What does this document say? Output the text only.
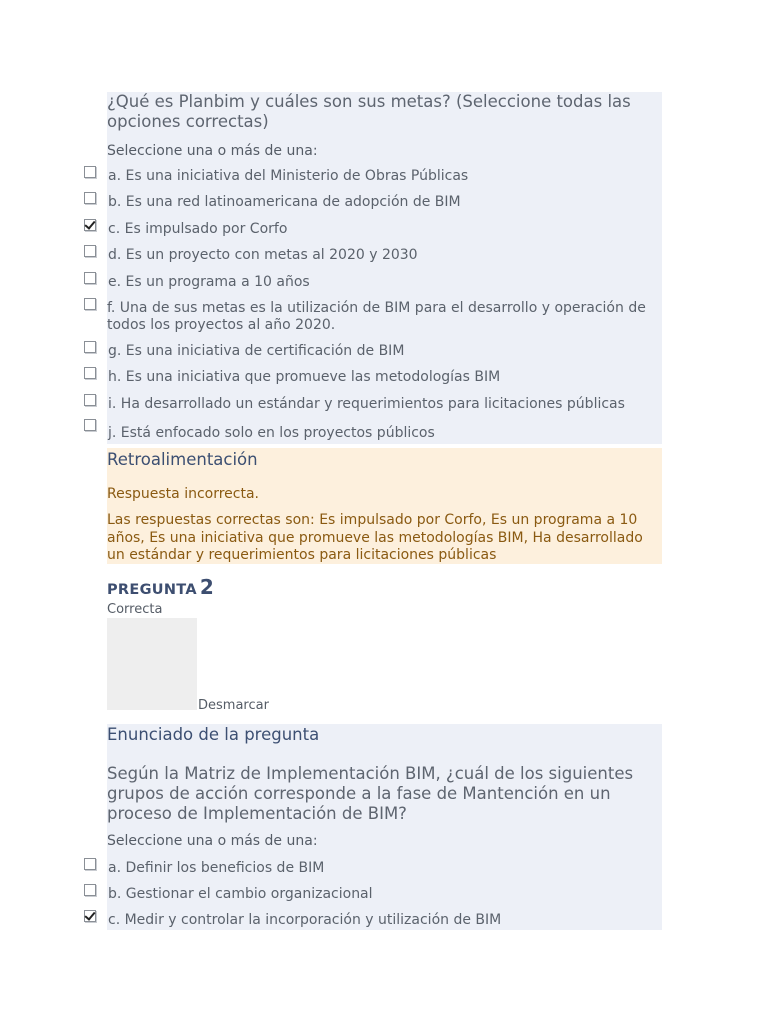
¿Qué es Planbim y cuáles son sus metas? (Seleccione todas las opciones correctas)
Seleccione una o más de una:
a. Es una iniciativa del Ministerio de Obras Públicas
b. Es una red latinoamericana de adopción de BIM
c. Es impulsado por Corfo
d. Es un proyecto con metas al 2020 y 2030
e. Es un programa a 10 años
f. Una de sus metas es la utilización de BIM para el desarrollo y operación de todos los proyectos al año 2020.
g. Es una iniciativa de certificación de BIM
h. Es una iniciativa que promueve las metodologías BIM
i. Ha desarrollado un estándar y requerimientos para licitaciones públicas
j. Está enfocado solo en los proyectos públicos
Retroalimentación
Respuesta incorrecta.
Las respuestas correctas son: Es impulsado por Corfo, Es un programa a 10 años, Es una iniciativa que promueve las metodologías BIM, Ha desarrollado un estándar y requerimientos para licitaciones públicas
PREGUNTA 2
Correcta
Desmarcar
Enunciado de la pregunta
Según la Matriz de Implementación BIM, ¿cuál de los siguientes grupos de acción corresponde a la fase de Mantención en un proceso de Implementación de BIM?
Seleccione una o más de una:
a. Definir los beneficios de BIM
b. Gestionar el cambio organizacional
c. Medir y controlar la incorporación y utilización de BIM
